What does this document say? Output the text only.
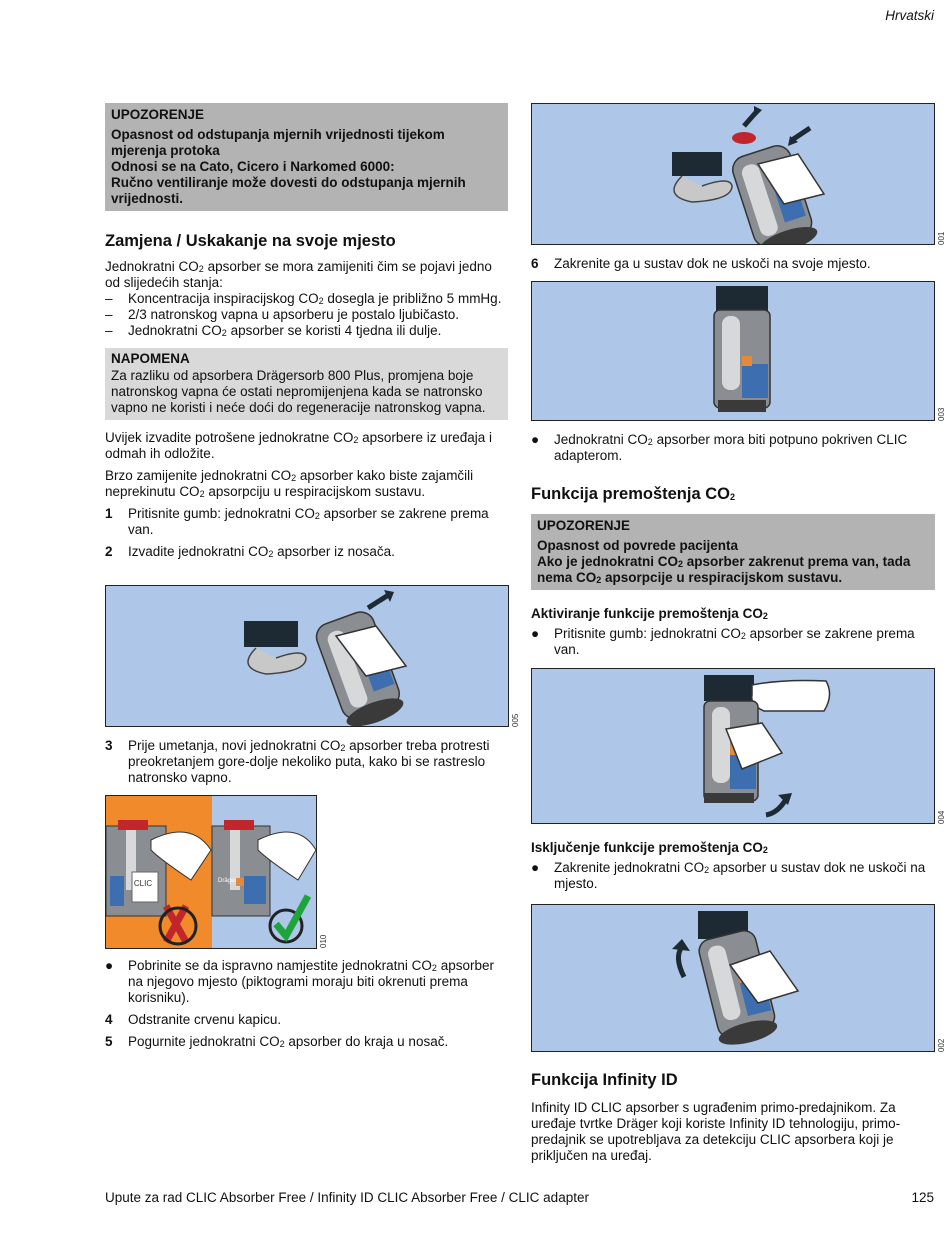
Hrvatski
UPOZORENJE
Opasnost od odstupanja mjernih vrijednosti tijekom mjerenja protoka
Odnosi se na Cato, Cicero i Narkomed 6000:
Ručno ventiliranje može dovesti do odstupanja mjernih vrijednosti.
Zamjena / Uskakanje na svoje mjesto

Jednokratni $CO_2$ apsorber se mora zamijeniti čim se pojavi jedno od slijedećih stanja:

–	Koncentracija inspiracijskog $CO_2$ dosegla je približno 5 mmHg.
–	2/3 natronskog vapna u apsorberu je postalo ljubičasto.
–	Jednokratni $CO_2$ apsorber se koristi 4 tjedna ili dulje.
NAPOMENA
Za razliku od apsorbera Drägersorb 800 Plus, promjena boje natronskog vapna će ostati nepromijenjena kada se natronsko vapno ne koristi i neće doći do regeneracije natronskog vapna.

Uvijek izvadite potrošene jednokratne $CO_2$ apsorbere iz uređaja i odmah ih odložite.

Brzo zamijenite jednokratni $CO_2$ apsorber kako biste zajamčili neprekinutu $CO_2$ apsorpciju u respiracijskom sustavu.

1	Pritisnite gumb: jednokratni $CO_2$ apsorber se zakrene prema van.
2	Izvadite jednokratni $CO_2$ apsorber iz nosača.
005
3	Prije umetanja, novi jednokratni $CO_2$ apsorber treba protresti preokretanjem gore-dolje nekoliko puta, kako bi se rastreslo natronsko vapno.
CLIC	Dräger
010
●	Pobrinite se da ispravno namjestite jednokratni $CO_2$ apsorber na njegovo mjesto (piktogrami moraju biti okrenuti prema korisniku).
4	Odstranite crvenu kapicu.
5	Pogurnite jednokratni $CO_2$ apsorber do kraja u nosač.
001
6	Zakrenite ga u sustav dok ne uskoči na svoje mjesto.
003
●	Jednokratni $CO_2$ apsorber mora biti potpuno pokriven CLIC adapterom.
Funkcija premoštenja $CO_2$
UPOZORENJE
Opasnost od povrede pacijenta
Ako je jednokratni $CO_2$ apsorber zakrenut prema van, tada nema $CO_2$ apsorpcije u respiracijskom sustavu.
Aktiviranje funkcije premoštenja $CO_2$
●	Pritisnite gumb: jednokratni $CO_2$ apsorber se zakrene prema van.
004
Isključenje funkcije premoštenja $CO_2$
●	Zakrenite jednokratni $CO_2$ apsorber u sustav dok ne uskoči na mjesto.
002
Funkcija Infinity ID

Infinity ID CLIC apsorber s ugrađenim primo-predajnikom. Za uređaje tvrtke Dräger koji koriste Infinity ID tehnologiju, primo-predajnik se upotrebljava za detekciju CLIC apsorbera koji je priključen na uređaj.

Upute za rad CLIC Absorber Free / Infinity ID CLIC Absorber Free / CLIC adapter	125
